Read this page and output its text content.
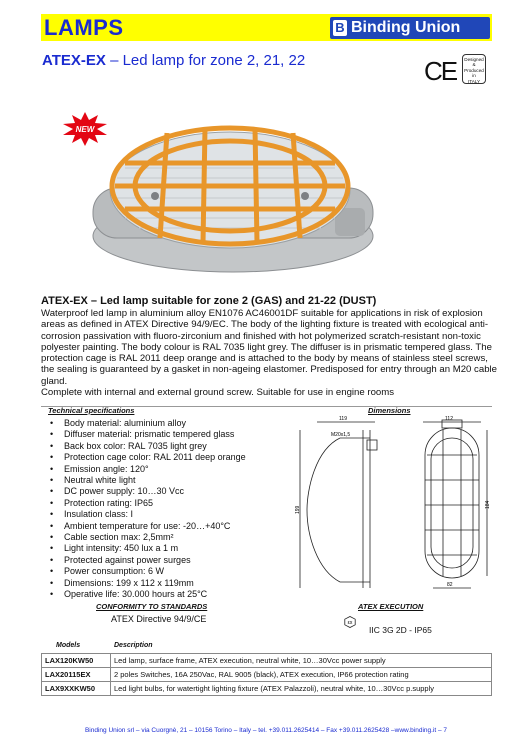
LAMPS	B Binding Union
ATEX-EX – Led lamp for zone 2, 21, 22	CE Designed &
Produced
in
ITALY
NEW
ATEX-EX – Led lamp suitable for zone 2 (GAS) and 21-22 (DUST)

Waterproof led lamp in aluminium alloy EN1076 AC46001DF suitable for applications in risk of explosion areas as defined in ATEX Directive 94/9/EC. The body of the lighting fixture is treated with ecological anti-corrosion passivation with fluoro-zirconium and finished with hot polymerized scratch-resistant non-toxic polyester painting. The body colour is RAL 7035 light grey. The diffuser is in prismatic tempered glass. The protection cage is RAL 2011 deep orange and is attached to the body by means of stainless steel screws, the sealing is guaranteed by a gasket in non-ageing elastomer. Predisposed for entry through an M20 cable gland.

Complete with internal and external ground screw. Suitable for use in engine rooms

Technical specifications	Dimensions
• Body material: aluminium alloy
• Diffuser material: prismatic tempered glass
• Back box color: RAL 7035 light grey
• Protection cage color: RAL 2011 deep orange
• Emission angle: 120°
• Neutral white light
• DC power supply: 10…30 Vcc
• Protection rating: IP65
• Insulation class: I
• Ambient temperature for use: -20…+40°C
• Cable section max: 2,5mm²
• Light intensity: 450 lux a 1 m
• Protected against power surges
• Power consumption: 6 W
• Dimensions: 199 x 112 x 119mm
• Operative life: 30.000 hours at 25°C
119	112
M20x1,5
199
184
82
CONFORMITY TO STANDARDS	ATEX EXECUTION
ATEX Directive 94/9/CE	εx
IIC 3G 2D - IP65
Models	Description
LAX120KW50	Led lamp, surface frame, ATEX execution, neutral white, 10…30Vcc power supply
LAX20115EX	2 poles Switches, 16A 250Vac, RAL 9005 (black), ATEX execution, IP66 protection rating
LAX9XXKW50	Led light bulbs, for watertight lighting fixture (ATEX Palazzoli), neutral white, 10…30Vcc p.supply
Binding Union srl – via Cuorgnè, 21 – 10156 Torino – Italy – tel. +39.011.2625414 – Fax +39.011.2625428 –www.binding.it – 7
